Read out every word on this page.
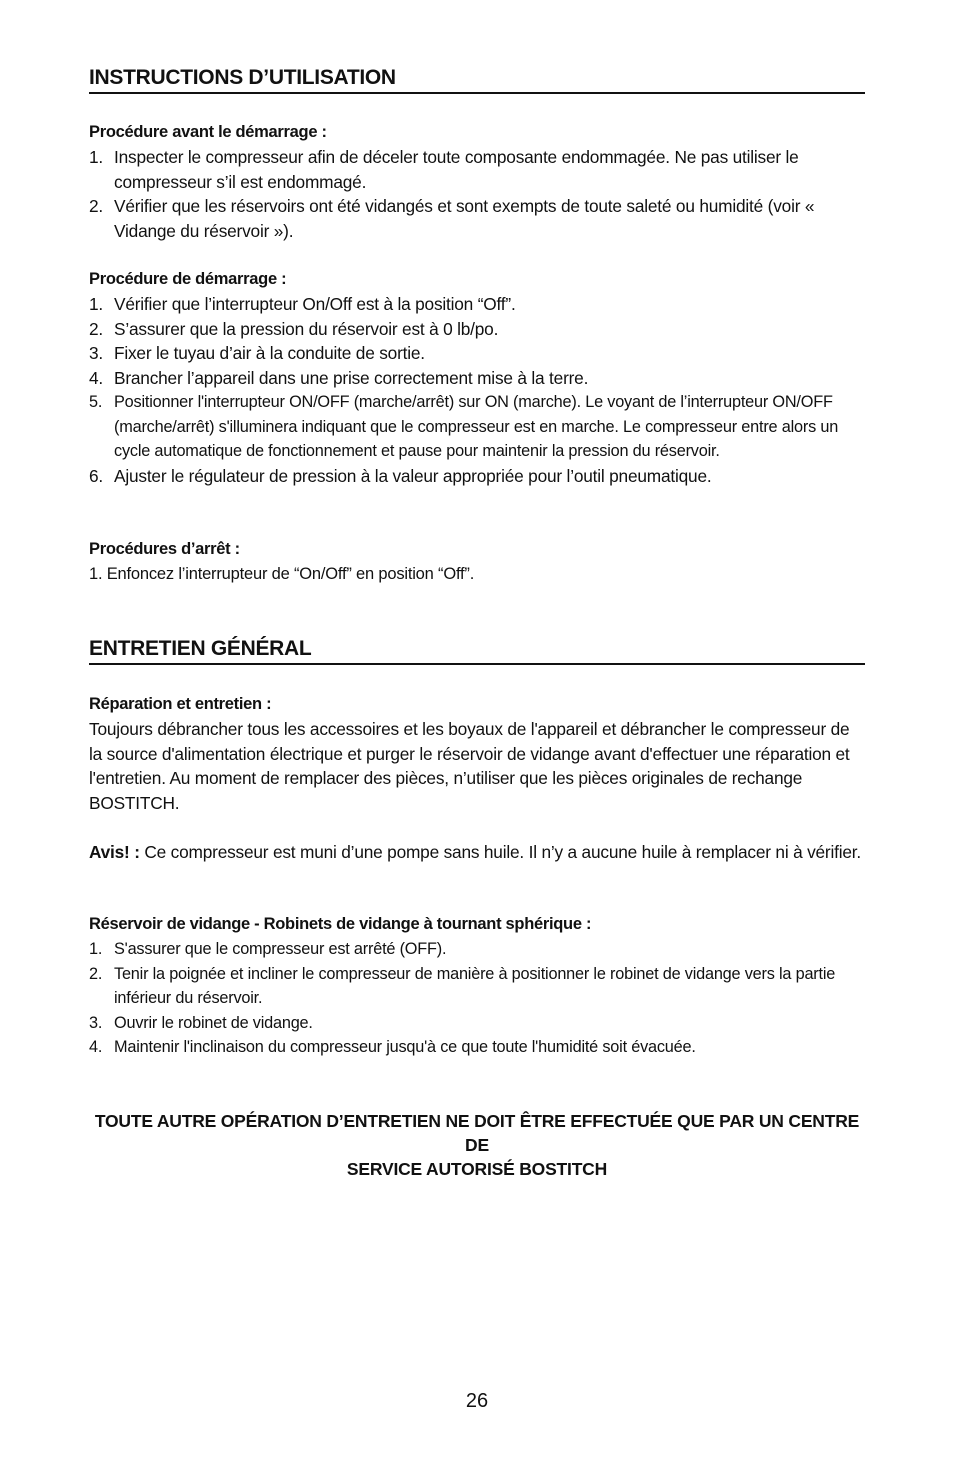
INSTRUCTIONS D’UTILISATION
Procédure avant le démarrage :
1. Inspecter le compresseur afin de déceler toute composante endommagée. Ne pas utiliser le compresseur s’il est endommagé.
2. Vérifier que les réservoirs ont été vidangés et sont exempts de toute saleté ou humidité (voir « Vidange du réservoir »).
Procédure de démarrage :
1. Vérifier que l’interrupteur On/Off est à la position “Off”.
2. S’assurer que la pression du réservoir est à 0 lb/po.
3. Fixer le tuyau d’air à la conduite de sortie.
4. Brancher l’appareil dans une prise correctement mise à la terre.
5. Positionner l'interrupteur ON/OFF (marche/arrêt) sur ON (marche). Le voyant de l’interrupteur ON/OFF (marche/arrêt) s'illuminera indiquant que le compresseur est en marche. Le compresseur entre alors un cycle automatique de fonctionnement et pause pour maintenir la pression du réservoir.
6. Ajuster le régulateur de pression à la valeur appropriée pour l’outil pneumatique.
Procédures d’arrêt :

1. Enfoncez l’interrupteur de “On/Off” en position “Off”.

ENTRETIEN GÉNÉRAL
Réparation et entretien :

Toujours débrancher tous les accessoires et les boyaux de l'appareil et débrancher le compresseur de la source d'alimentation électrique et purger le réservoir de vidange avant d'effectuer une réparation et l'entretien. Au moment de remplacer des pièces, n’utiliser que les pièces originales de rechange BOSTITCH.

Avis! : Ce compresseur est muni d’une pompe sans huile. Il n’y a aucune huile à remplacer ni à vérifier.

Réservoir de vidange - Robinets de vidange à tournant sphérique :
1. S'assurer que le compresseur est arrêté (OFF).
2. Tenir la poignée et incliner le compresseur de manière à positionner le robinet de vidange vers la partie inférieur du réservoir.
3. Ouvrir le robinet de vidange.
4. Maintenir l'inclinaison du compresseur jusqu'à ce que toute l'humidité soit évacuée.
TOUTE AUTRE OPÉRATION D’ENTRETIEN NE DOIT ÊTRE EFFECTUÉE QUE PAR UN CENTRE DE
SERVICE AUTORISÉ BOSTITCH
26
